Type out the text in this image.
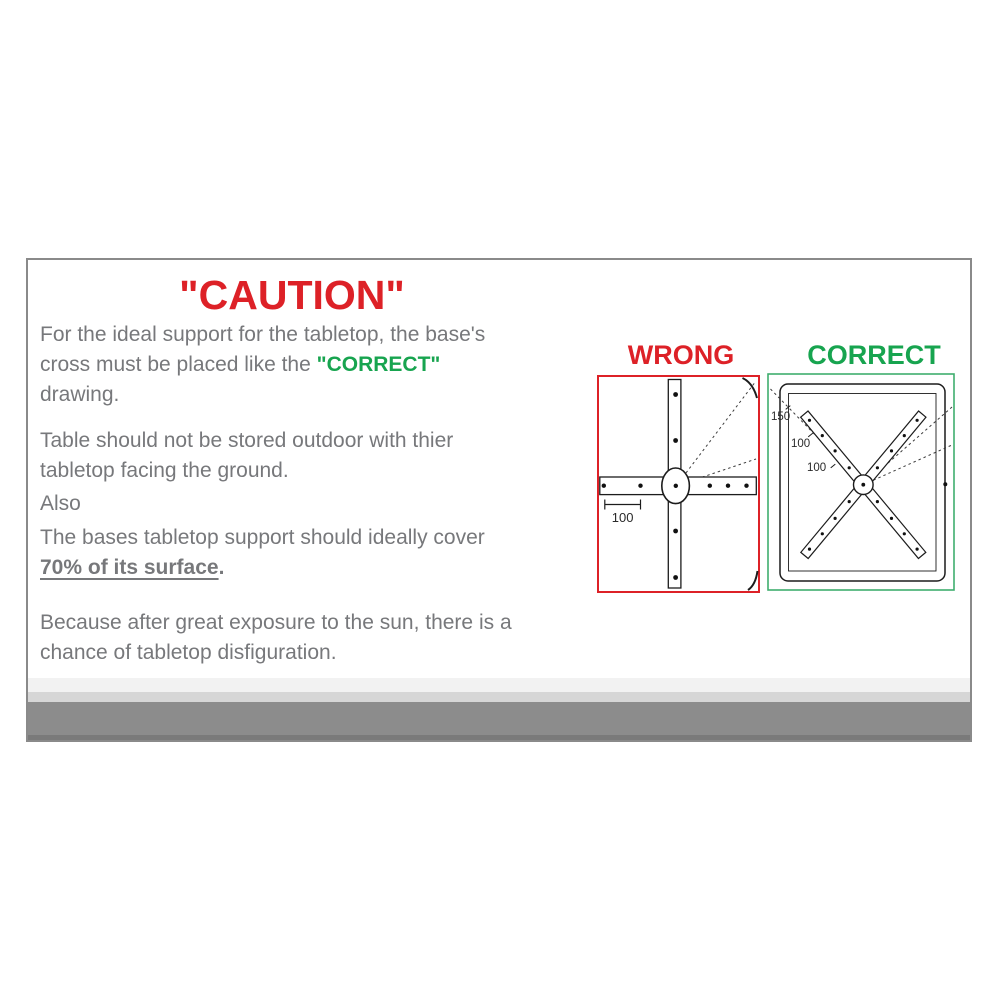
"CAUTION"
For the ideal support for the tabletop, the base's
cross must be placed like the "CORRECT"
drawing.
Table should not be stored outdoor with thier
tabletop facing the ground.
Also
The bases tabletop support should ideally cover
70% of its surface.
Because after great exposure to the sun, there is a
chance of tabletop disfiguration.
WRONG	CORRECT
100
150
100
100
